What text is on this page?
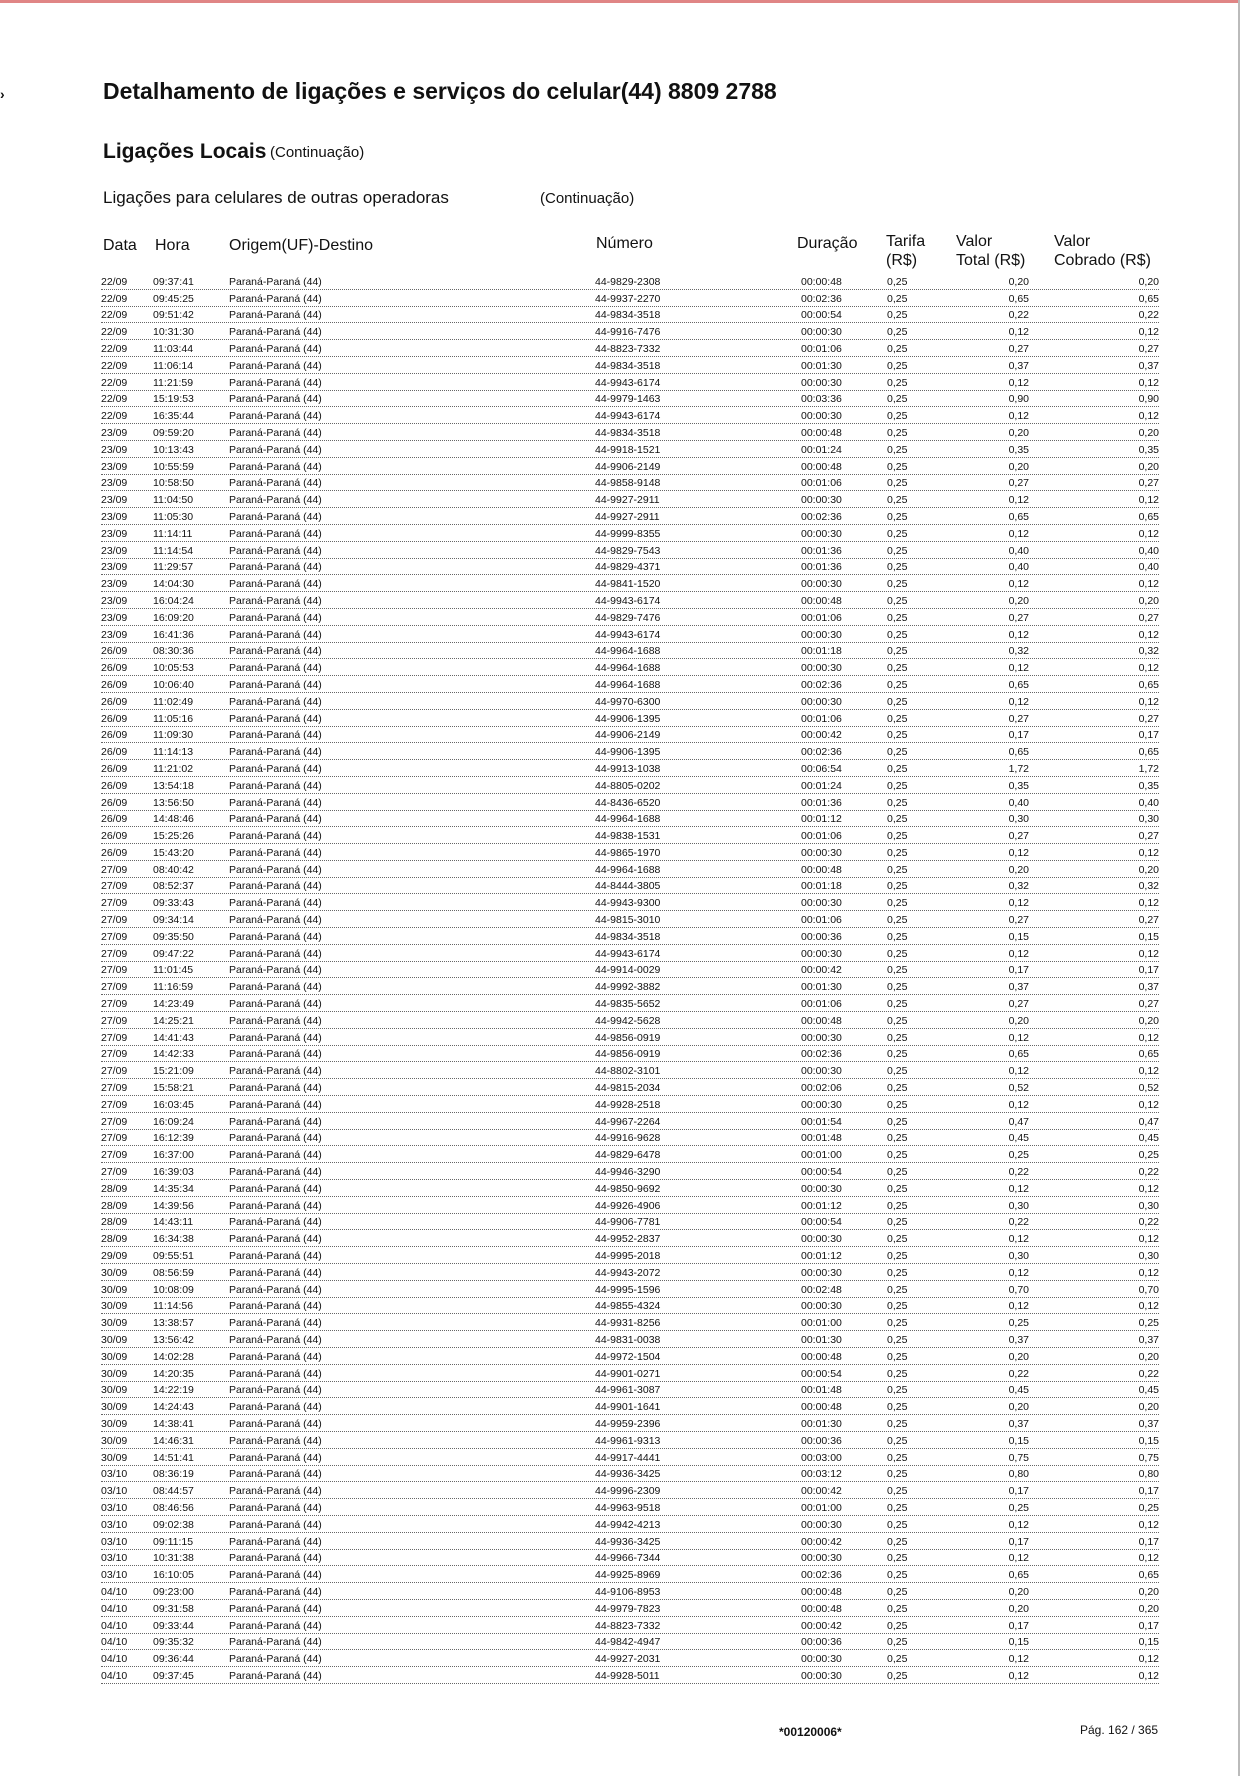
›	Detalhamento de ligações e serviços do celular(44) 8809 2788
Ligações Locais (Continuação)
Ligações para celulares de outras operadoras	(Continuação)
Data Hora Origem(UF)-Destino	Número	Duração Tarifa
(R$)
Valor
Total (R$)
Valor
Cobrado (R$)
22/09 09:37:41	Paraná-Paraná (44)	44-9829-2308	00:00:48	0,25	0,20	0,20
22/09 09:45:25	Paraná-Paraná (44)	44-9937-2270	00:02:36	0,25	0,65	0,65
22/09 09:51:42	Paraná-Paraná (44)	44-9834-3518	00:00:54	0,25	0,22	0,22
22/09 10:31:30	Paraná-Paraná (44)	44-9916-7476	00:00:30	0,25	0,12	0,12
22/09 11:03:44	Paraná-Paraná (44)	44-8823-7332	00:01:06	0,25	0,27	0,27
22/09 11:06:14	Paraná-Paraná (44)	44-9834-3518	00:01:30	0,25	0,37	0,37
22/09 11:21:59	Paraná-Paraná (44)	44-9943-6174	00:00:30	0,25	0,12	0,12
22/09 15:19:53	Paraná-Paraná (44)	44-9979-1463	00:03:36	0,25	0,90	0,90
22/09 16:35:44	Paraná-Paraná (44)	44-9943-6174	00:00:30	0,25	0,12	0,12
23/09 09:59:20	Paraná-Paraná (44)	44-9834-3518	00:00:48	0,25	0,20	0,20
23/09 10:13:43	Paraná-Paraná (44)	44-9918-1521	00:01:24	0,25	0,35	0,35
23/09 10:55:59	Paraná-Paraná (44)	44-9906-2149	00:00:48	0,25	0,20	0,20
23/09 10:58:50	Paraná-Paraná (44)	44-9858-9148	00:01:06	0,25	0,27	0,27
23/09 11:04:50	Paraná-Paraná (44)	44-9927-2911	00:00:30	0,25	0,12	0,12
23/09 11:05:30	Paraná-Paraná (44)	44-9927-2911	00:02:36	0,25	0,65	0,65
23/09 11:14:11	Paraná-Paraná (44)	44-9999-8355	00:00:30	0,25	0,12	0,12
23/09 11:14:54	Paraná-Paraná (44)	44-9829-7543	00:01:36	0,25	0,40	0,40
23/09 11:29:57	Paraná-Paraná (44)	44-9829-4371	00:01:36	0,25	0,40	0,40
23/09 14:04:30	Paraná-Paraná (44)	44-9841-1520	00:00:30	0,25	0,12	0,12
23/09 16:04:24	Paraná-Paraná (44)	44-9943-6174	00:00:48	0,25	0,20	0,20
23/09 16:09:20	Paraná-Paraná (44)	44-9829-7476	00:01:06	0,25	0,27	0,27
23/09 16:41:36	Paraná-Paraná (44)	44-9943-6174	00:00:30	0,25	0,12	0,12
26/09 08:30:36	Paraná-Paraná (44)	44-9964-1688	00:01:18	0,25	0,32	0,32
26/09 10:05:53	Paraná-Paraná (44)	44-9964-1688	00:00:30	0,25	0,12	0,12
26/09 10:06:40	Paraná-Paraná (44)	44-9964-1688	00:02:36	0,25	0,65	0,65
26/09 11:02:49	Paraná-Paraná (44)	44-9970-6300	00:00:30	0,25	0,12	0,12
26/09 11:05:16	Paraná-Paraná (44)	44-9906-1395	00:01:06	0,25	0,27	0,27
26/09 11:09:30	Paraná-Paraná (44)	44-9906-2149	00:00:42	0,25	0,17	0,17
26/09 11:14:13	Paraná-Paraná (44)	44-9906-1395	00:02:36	0,25	0,65	0,65
26/09 11:21:02	Paraná-Paraná (44)	44-9913-1038	00:06:54	0,25	1,72	1,72
26/09 13:54:18	Paraná-Paraná (44)	44-8805-0202	00:01:24	0,25	0,35	0,35
26/09 13:56:50	Paraná-Paraná (44)	44-8436-6520	00:01:36	0,25	0,40	0,40
26/09 14:48:46	Paraná-Paraná (44)	44-9964-1688	00:01:12	0,25	0,30	0,30
26/09 15:25:26	Paraná-Paraná (44)	44-9838-1531	00:01:06	0,25	0,27	0,27
26/09 15:43:20	Paraná-Paraná (44)	44-9865-1970	00:00:30	0,25	0,12	0,12
27/09 08:40:42	Paraná-Paraná (44)	44-9964-1688	00:00:48	0,25	0,20	0,20
27/09 08:52:37	Paraná-Paraná (44)	44-8444-3805	00:01:18	0,25	0,32	0,32
27/09 09:33:43	Paraná-Paraná (44)	44-9943-9300	00:00:30	0,25	0,12	0,12
27/09 09:34:14	Paraná-Paraná (44)	44-9815-3010	00:01:06	0,25	0,27	0,27
27/09 09:35:50	Paraná-Paraná (44)	44-9834-3518	00:00:36	0,25	0,15	0,15
27/09 09:47:22	Paraná-Paraná (44)	44-9943-6174	00:00:30	0,25	0,12	0,12
27/09 11:01:45	Paraná-Paraná (44)	44-9914-0029	00:00:42	0,25	0,17	0,17
27/09 11:16:59	Paraná-Paraná (44)	44-9992-3882	00:01:30	0,25	0,37	0,37
27/09 14:23:49	Paraná-Paraná (44)	44-9835-5652	00:01:06	0,25	0,27	0,27
27/09 14:25:21	Paraná-Paraná (44)	44-9942-5628	00:00:48	0,25	0,20	0,20
27/09 14:41:43	Paraná-Paraná (44)	44-9856-0919	00:00:30	0,25	0,12	0,12
27/09 14:42:33	Paraná-Paraná (44)	44-9856-0919	00:02:36	0,25	0,65	0,65
27/09 15:21:09	Paraná-Paraná (44)	44-8802-3101	00:00:30	0,25	0,12	0,12
27/09 15:58:21	Paraná-Paraná (44)	44-9815-2034	00:02:06	0,25	0,52	0,52
27/09 16:03:45	Paraná-Paraná (44)	44-9928-2518	00:00:30	0,25	0,12	0,12
27/09 16:09:24	Paraná-Paraná (44)	44-9967-2264	00:01:54	0,25	0,47	0,47
27/09 16:12:39	Paraná-Paraná (44)	44-9916-9628	00:01:48	0,25	0,45	0,45
27/09 16:37:00	Paraná-Paraná (44)	44-9829-6478	00:01:00	0,25	0,25	0,25
27/09 16:39:03	Paraná-Paraná (44)	44-9946-3290	00:00:54	0,25	0,22	0,22
28/09 14:35:34	Paraná-Paraná (44)	44-9850-9692	00:00:30	0,25	0,12	0,12
28/09 14:39:56	Paraná-Paraná (44)	44-9926-4906	00:01:12	0,25	0,30	0,30
28/09 14:43:11	Paraná-Paraná (44)	44-9906-7781	00:00:54	0,25	0,22	0,22
28/09 16:34:38	Paraná-Paraná (44)	44-9952-2837	00:00:30	0,25	0,12	0,12
29/09 09:55:51	Paraná-Paraná (44)	44-9995-2018	00:01:12	0,25	0,30	0,30
30/09 08:56:59	Paraná-Paraná (44)	44-9943-2072	00:00:30	0,25	0,12	0,12
30/09 10:08:09	Paraná-Paraná (44)	44-9995-1596	00:02:48	0,25	0,70	0,70
30/09 11:14:56	Paraná-Paraná (44)	44-9855-4324	00:00:30	0,25	0,12	0,12
30/09 13:38:57	Paraná-Paraná (44)	44-9931-8256	00:01:00	0,25	0,25	0,25
30/09 13:56:42	Paraná-Paraná (44)	44-9831-0038	00:01:30	0,25	0,37	0,37
30/09 14:02:28	Paraná-Paraná (44)	44-9972-1504	00:00:48	0,25	0,20	0,20
30/09 14:20:35	Paraná-Paraná (44)	44-9901-0271	00:00:54	0,25	0,22	0,22
30/09 14:22:19	Paraná-Paraná (44)	44-9961-3087	00:01:48	0,25	0,45	0,45
30/09 14:24:43	Paraná-Paraná (44)	44-9901-1641	00:00:48	0,25	0,20	0,20
30/09 14:38:41	Paraná-Paraná (44)	44-9959-2396	00:01:30	0,25	0,37	0,37
30/09 14:46:31	Paraná-Paraná (44)	44-9961-9313	00:00:36	0,25	0,15	0,15
30/09 14:51:41	Paraná-Paraná (44)	44-9917-4441	00:03:00	0,25	0,75	0,75
03/10 08:36:19	Paraná-Paraná (44)	44-9936-3425	00:03:12	0,25	0,80	0,80
03/10 08:44:57	Paraná-Paraná (44)	44-9996-2309	00:00:42	0,25	0,17	0,17
03/10 08:46:56	Paraná-Paraná (44)	44-9963-9518	00:01:00	0,25	0,25	0,25
03/10 09:02:38	Paraná-Paraná (44)	44-9942-4213	00:00:30	0,25	0,12	0,12
03/10 09:11:15	Paraná-Paraná (44)	44-9936-3425	00:00:42	0,25	0,17	0,17
03/10 10:31:38	Paraná-Paraná (44)	44-9966-7344	00:00:30	0,25	0,12	0,12
03/10 16:10:05	Paraná-Paraná (44)	44-9925-8969	00:02:36	0,25	0,65	0,65
04/10 09:23:00	Paraná-Paraná (44)	44-9106-8953	00:00:48	0,25	0,20	0,20
04/10 09:31:58	Paraná-Paraná (44)	44-9979-7823	00:00:48	0,25	0,20	0,20
04/10 09:33:44	Paraná-Paraná (44)	44-8823-7332	00:00:42	0,25	0,17	0,17
04/10 09:35:32	Paraná-Paraná (44)	44-9842-4947	00:00:36	0,25	0,15	0,15
04/10 09:36:44	Paraná-Paraná (44)	44-9927-2031	00:00:30	0,25	0,12	0,12
04/10 09:37:45	Paraná-Paraná (44)	44-9928-5011	00:00:30	0,25	0,12	0,12
*00120006*	Pág. 162 / 365
